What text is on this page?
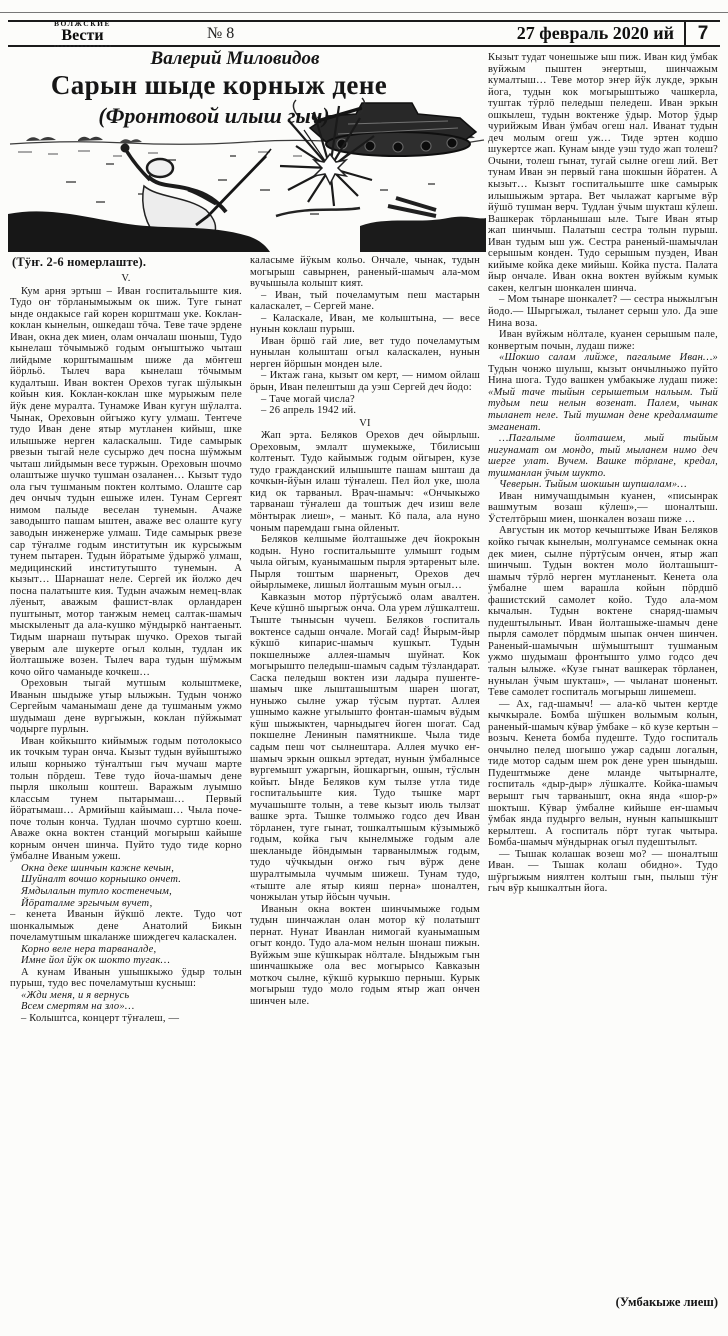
ВОЛЖСКИЕ
Вести	№ 8	27 февраль 2020 ий 7
Валерий Миловидов
Сарын шыде корныж дене
(Фронтовой илыш гыч)

(Тӱҥ. 2-6 номерлаште).

V.

Кум арня эртыш – Иван госпитальыште кия. Тудо оҥ тӧрланымыжым ок шиж. Туге гынат ынде ондакысе гай корен корштмаш уке. Коклан-коклан кынелын, ошкедаш тӧча. Теве таче эрдене Иван, окна дек миен, олам ончалаш шоныш, Тудо кынелаш тӧчымыжӧ годым оҥыштыжо чыташ лийдыме корштымашым шиже да мӧҥгеш йӧрльӧ. Тылеч вара кынелаш тӧчымым кудалтыш. Иван воктен Орехов тугак шӱлыкын койын кия. Коклан-коклан шке мурыжым пеле йӱк дене муралта. Тунамже Иван кугун шӱлалта. Чынак, Ореховын ойгыжо кугу улмаш. Теҥгече тудо Иван дене ятыр мутланен кийыш, шке илышыже нерген каласкалыш. Тиде самырык рвезын тыгай неле сусыржо деч посна шӱмжым чыташ лийдымын весе туржын. Ореховын шочмо олаштыже шучко тушман озаланен… Кызыт тудо ола гыч тушманым поктен колтымо. Олаште сар деч ончыч тудын ешыже илен. Тунам Сергеят нимом палыде веселан тунемын. Ачаже заводышто пашам ыштен, аваже вес олаште кугу заводын инженерже улмаш. Тиде самырык рвезе сар тӱҥалме годым институтын ик курсыжым тунем пытарен. Тудын йӧратыме ӱдыржӧ улмаш, медицинский институтышто тунемын. А кызыт… Шарнашат неле. Сергей ик йолжо деч посна палатыште кия. Тудын ачажым немец-влак лӱеныт, аважым фашист-влак орландарен пуштыныт, мотор таҥжым немец салтак-шамыч мыскыленыт да ала-кушко мӱндыркӧ наҥгаеныт. Тидым шарнаш путырак шучко. Орехов тыгай уверым але шукерте огыл колын, тудлан ик йолташыже возен. Тылеч вара тудын шӱмжым кочо ойго чаманыде кочкеш…

Ореховын тыгай мутшым колыштмеке, Иванын шыдыже утыр ылыжын. Тудын чонжо Сергейым чаманымаш дене да тушманым ужмо шудымаш дене вургыжын, коклан пӱйжымат чодырге пурлын.

Иван койкышто кийымыж годым потолокысо ик точкым туран онча. Кызыт тудын вуйыштыжо илыш корныжо тӱҥалтыш гыч мучаш марте толын пӧрдеш. Теве тудо йоча-шамыч дене пырля школыш коштеш. Варажым луымшо классым тунем пытарымаш… Первый йӧратымаш… Армийыш кайымаш… Чыла поче-поче толын конча. Тудлан шочмо суртшо коеш. Аваже окна воктен станций могырыш кайыше корным ончен шинча. Пуйто тудо тиде корно ӱмбалне Иваным ужеш.

Окна деке шинчын кажне кечын,

Шуйналт вочшо корнышко ончет.

Ямдылалын тутло костенечым,

Йӧраталме эргычым вучет,

– кенета Иванын йӱкшӧ лекте. Тудо чот шонкалымыж дене Анатолий Бикын почеламутшым шкаланже шиждегеч каласкален.

Корно веле нера тарваналде,

Имне йол йӱк ок шокто тугак…

А кунам Иванын ушышкыжо ӱдыр толын пурыш, тудо вес почеламутыш кусныш:

«Жди меня, и я вернусь

Всем смертям на зло»…

– Колыштса, концерт тӱҥалеш, —

каласыме йӱкым кольо. Ончале, чынак, тудын могырыш савырнен, раненый-шамыч ала-мом вучышыла колышт кият.

– Иван, тый почеламутым пеш мастарын каласкалет, – Сергей мане.

– Каласкале, Иван, ме колыштына, — весе нунын коклаш пурыш.

Иван ӧршӧ гай лие, вет тудо почеламутым нунылан колышташ огыл каласкален, нунын нерген йӧршын монден ыле.

– Иктаж гана, кызыт ом керт, — нимом ойлаш ӧрын, Иван пелештыш да уэш Сергей деч йодо:

– Таче могай числа?

– 26 апрель 1942 ий.

VI

Жап эрта. Беляков Орехов деч ойырлыш. Ореховым, эмлалт шумекыже, Тбилисыш колтеныт. Тудо кайымыж годым ойгырен, кузе тудо гражданский илышыште пашам ышташ да кочкын-йӱын илаш тӱҥалеш. Пел йол уке, шола кид ок тарваныл. Врач-шамыч: «Ончыкыжо тарванаш тӱҥалеш да тоштыж деч изиш веле мӧнтырак лиеш», – маныт. Кӧ пала, ала нуно чоным паремдаш гына ойленыт.

Беляков келшыме йолташыже деч йокрокын кодын. Нуно госпитальыште улмышт годым чыла ойгым, куанымашым пырля эртареныт ыле. Пырля тоштым шарненыт, Орехов деч ойырлымеке, лишыл йолташым муын огыл…

Кавказын мотор пӱртӱсыжӧ олам авалтен. Кече кӱшнӧ шыргыж онча. Ола урем лӱшкалтеш. Тыште тынысын чучеш. Беляков госпиталь воктенсе садыш ончале. Могай сад! Йырым-йыр кӱкшӧ кипарис-шамыч кушкыт. Тудын покшелныже аллея-шамыч шуйнат. Кок могырышто пеледыш-шамыч садым тӱзландарат. Саска пеледыш воктен изи ладыра пушеҥге-шамыч шке лышташыштым шарен шогат, нуныжо сылне ужар тӱсым пуртат. Аллея ушнымо кажне угылышто фонтан-шамыч вӱдым кӱш шыжыктен, чарныдыгеч йоген шогат. Сад покшелне Ленинын памятникше. Чыла тиде садым пеш чот сылнештара. Аллея мучко еҥ-шамыч эркын ошкыл эртедат, нунын ӱмбалнысе вургемышт ужаргын, йошкаргын, ошын, тӱслын койыт. Ынде Беляков кум тылзе утла тиде госпитальыште кия. Тудо тышке март мучашыште толын, а теве кызыт июль тылзат вашке эрта. Тышке толмыжо годсо деч Иван тӧрланен, туге гынат, тошкалтышым кӱзымыжӧ годым, койка гыч кынелмыже годым але шекланыде йӧндымын тарванылмыж годым, тудо чӱчкыдын оҥжо гыч вӱрж дене шуралтымыла чучмым шижеш. Тунам тудо, «тыште але ятыр кияш перна» шоналтен, чонжылан утыр йӧсын чучын.

Иванын окна воктен шинчымыже годым тудын шинчажлан олан мотор кӱ полатышт пернат. Нунат Иванлан нимогай куанымашым огыт кондо. Тудо ала-мом нелын шонаш пижын. Вуйжым эше кӱшкырак нӧлтале. Ындыжым гын шинчашкыже ола вес могырысо Кавказын моткоч сылне, кӱкшӧ курыкшо перныш. Курык могырыш тудо моло годым ятыр жап ончен шинчен ыле.

Кызыт тудат чонешыже ыш пиж. Иван кид ӱмбак вуйжым пыштен эҥертыш, шинчажым кумалтыш… Теве мотор эҥер йӱк лукде, эркын йога, тудын кок могырыштыжо чашкерла, туштак тӱрлӧ пеледыш пеледеш. Иван эркын ошкылеш, тудын воктенже ӱдыр. Мотор ӱдыр чурийжым Иван ӱмбач огеш нал. Иванат тудын деч молым огеш уж… Тиде эртен кодшо шукертсе жап. Кунам ынде уэш тудо жап толеш? Очыни, толеш гынат, тугай сылне огеш лий. Вет тунам Иван эн первый гана шокшын йӧратен. А кызыт… Кызыт госпитальыште шке самырык илышыжым эртара. Вет чылажат каргыме вӱр йӱшӧ тушман верч. Тудлан ӱчым шукташ кӱлеш. Вашкерак тӧрланышаш ыле. Тыге Иван ятыр жап шинчыш. Палатыш сестра толын пурыш. Иван тудым ыш уж. Сестра раненый-шамычлан серышым конден. Тудо серышым пуэден, Иван кийыме койка деке мийыш. Койка пуста. Палата йыр ончале. Иван окна воктен вуйжым кумык сакен, келгын шонкален шинча.

– Мом тынаре шонкалет? — сестра ныжылгын йодо.— Шыргыжал, тыланет серыш уло. Да эше Нина воза.

Иван вуйжым нӧлтале, куанен серышым пале, конвертым почын, лудаш пиже:

«Шокшо салам лийже, пагалыме Иван…» Тудын чонжо шулыш, кызыт ончылныжо пуйто Нина шога. Тудо вашкен умбакыже лудаш пиже: «Мый таче тыйын серышетым нальым. Тый тудым пеш нелын возенат. Палем, чынак тыланет неле. Тый тушман дене кредалмаште эмганенат.

…Пагалыме йолташем, мый тыйым нигунамат ом мондо, тый мыланем нимо деч шерге улат. Вучем. Вашке тӧрлане, кредал, тушманлан ӱчым шукто.

Чеверын. Тыйым шокшын шупшалам»…

Иван нимучашдымын куанен, «писынрак вашмутым возаш кӱлеш»,— шоналтыш. Ӱстелтӧрыш миен, шонкален возаш пиже …

Августын ик мотор кечыштыже Иван Беляков койко гычак кынелын, молгунамсе семынак окна дек миен, сылне пӱртӱсым ончен, ятыр жап шинчыш. Тудын воктен моло йолташышт-шамыч тӱрлӧ нерген мутланеныт. Кенета ола ӱмбалне шем варашла койын пӧрдшӧ фашистский самолет койо. Тудо ала-мом кычалын. Тудын воктене снаряд-шамыч пудештылыныт. Иван йолташыже-шамыч дене пырля самолет пӧрдмым шыпак ончен шинчен. Раненый-шамычын шӱмыштышт тушманым ужмо шудымаш фронтышто улмо годсо деч талын ылыже. «Кузе гынат вашкерак тӧрланен, нунылан ӱчым шукташ», — чыланат шоненыт. Теве самолет госпиталь могырыш лишемеш.

— Ах, гад-шамыч! — ала-кӧ чытен кертде кычкырале. Бомба шӱшкен волымым колын, раненый-шамыч кӱвар ӱмбаке – кӧ кузе кертын – возыч. Кенета бомба пудеште. Тудо госпиталь ончылно пелед шогышо ужар садыш логалын, тиде мотор садым шем рок дене урен шындыш. Пудештмыже дене мланде чытырналте, госпиталь «дыр-дыр» лӱшкалте. Койка-шамыч верышт гыч тарванышт, окна янда «шор-р» шоктыш. Кӱвар ӱмбалне кийыше еҥ-шамыч ӱмбак янда пудырго велын, нунын капышкышт керылтеш. А госпиталь пӧрт тугак чытыра. Бомба-шамыч мӱндырнак огыл пудештылыт.

— Тышак колашак возеш мо? — шоналтыш Иван. — Тышак колаш обидно». Тудо шӱргыжым ниялтен колтыш гын, пылыш тӱҥ гыч вӱр кышкалтын йога.

(Умбакыже лиеш)
